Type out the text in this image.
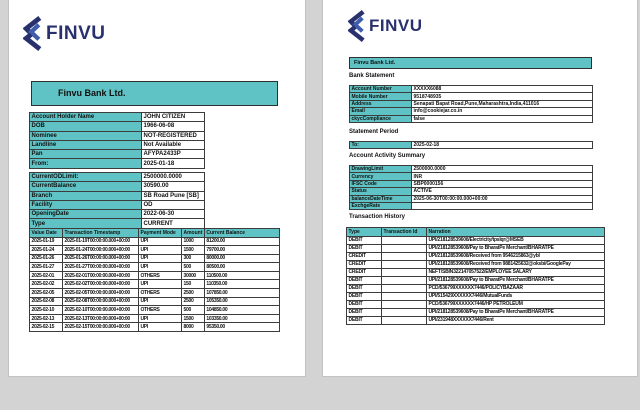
FINVU
Finvu Bank Ltd.
Account Holder Name	JOHN CITIZEN
DOB	1966-06-08
Nominee	NOT-REGISTERED
Landline	Not Available
Pan	AFYPA2433P
From:	2025-01-18
CurrentODLimit:	2500000.0000
CurrentBalance	30590.00
Branch	SB Road Pune [SB]
Facility	OD
OpeningDate	2022-06-30
Type	CURRENT
Value Date	Transaction Timestamp	Payment Mode	Amount	Current Balance
2025-01-19	2025-01-19T00:00:00.000+00:00	UPI	1000	81200.00
2025-01-24	2025-01-24T00:00:00.000+00:00	UPI	1500	79700.00
2025-01-26	2025-01-26T00:00:00.000+00:00	UPI	300	80000.00
2025-01-27	2025-01-27T00:00:00.000+00:00	UPI	500	80500.00
2025-02-01	2025-02-01T00:00:00.000+00:00	OTHERS	30000	110500.00
2025-02-02	2025-02-02T00:00:00.000+00:00	UPI	150	110350.00
2025-02-05	2025-02-05T00:00:00.000+00:00	OTHERS	2500	107850.00
2025-02-08	2025-02-08T00:00:00.000+00:00	UPI	2500	105350.00
2025-02-10	2025-02-10T00:00:00.000+00:00	OTHERS	500	104850.00
2025-02-13	2025-02-13T00:00:00.000+00:00	UPI	1500	103350.00
2025-02-15	2025-02-15T00:00:00.000+00:00	UPI	8000	95350.00
FINVU
Finvu Bank Ltd.
Bank Statement
Account Number	XXXXX6088
Mobile Number	9518748935
Address	Senapati Bapat Road,Pune,Maharashtra,India,411016
Email	info@cookiejar.co.in
ckycCompliance	false
Statement Period
To:	2025-02-18
Account Activity Summary
DrawingLimit	2500000.0000
Currency	INR
IFSC Code	SBP0000156
Status	ACTIVE
balanceDateTime	2025-06-30T00:00:00.000+00:00
ExchgeRate	
Transaction History
Type	Transaction Id	Narration
DEBIT		UPI/218128539608/Electricity/tpslqr@MSEB
DEBIT		UPI/218128539608/Pay to BharatPe Merchant/BHARATPE
CREDIT		UPI/218128539608/Received from 9546215863@ybl
CREDIT		UPI/218128539608/Received from 9881425632@oksbi/GooglePay
CREDIT		NEFT/SBIN322147057522/EMPLOYEE SALARY
DEBIT		UPI/218128539608/Pay to BharatPe Merchant/BHARATPE
DEBIT		PCD/536799XXXXXX7446/POLICYBAZAAR
DEBIT		UPI/515429XXXXXX7446/MutualFunds
DEBIT		PCD/536799XXXXXX7446/HP PETROLEUM
DEBIT		UPI/218128539608/Pay to BharatPe Merchant/BHARATPE
DEBIT		UPI/231948XXXXXX7446/Rent
